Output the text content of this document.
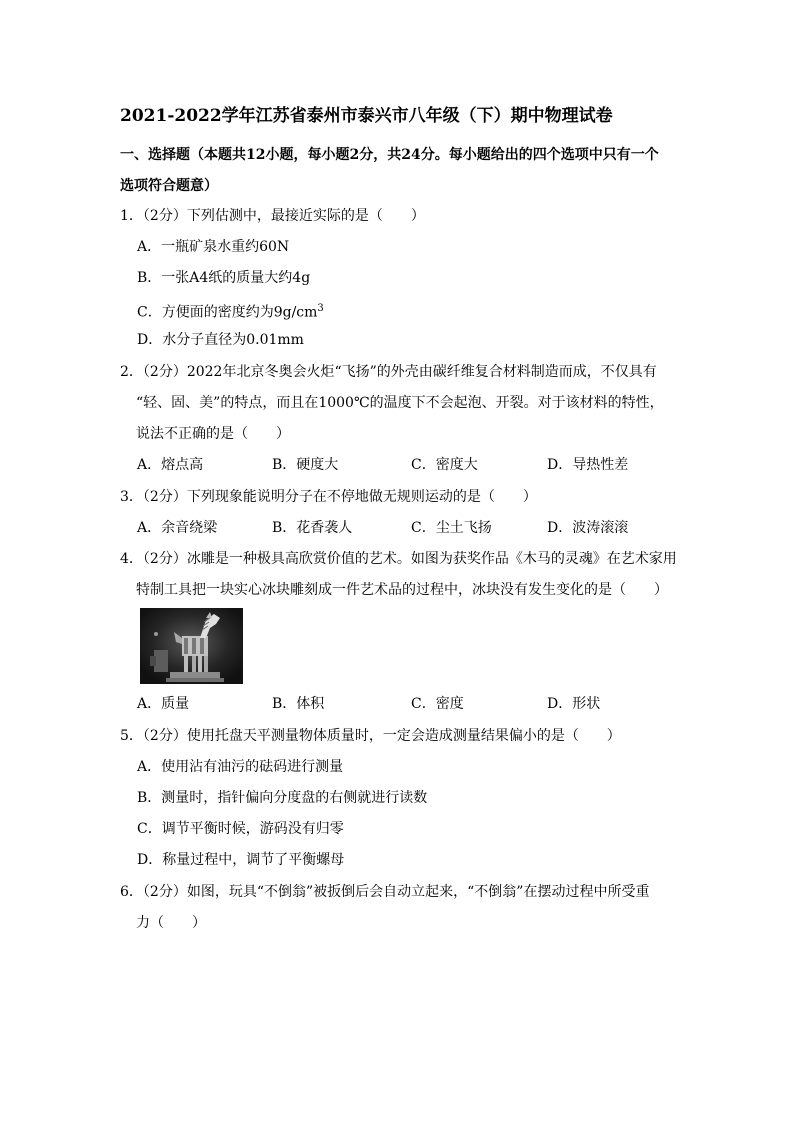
2021-2022学年江苏省泰州市泰兴市八年级（下）期中物理试卷
一、选择题（本题共12小题，每小题2分，共24分。每小题给出的四个选项中只有一个
选项符合题意）
1．（2分）下列估测中，最接近实际的是（　　）
A．一瓶矿泉水重约60N
B．一张A4纸的质量大约4g
C．方便面的密度约为$9g/cm^3$
D．水分子直径为0.01mm
2．（2分）2022年北京冬奥会火炬“飞扬”的外壳由碳纤维复合材料制造而成，不仅具有
“轻、固、美”的特点，而且在1000℃的温度下不会起泡、开裂。对于该材料的特性，
说法不正确的是（　　）
A．熔点高	B．硬度大	C．密度大	D．导热性差
3．（2分）下列现象能说明分子在不停地做无规则运动的是（　　）
A．余音绕梁	B．花香袭人	C．尘土飞扬	D．波涛滚滚
4．（2分）冰雕是一种极具高欣赏价值的艺术。如图为获奖作品《木马的灵魂》在艺术家用
特制工具把一块实心冰块雕刻成一件艺术品的过程中，冰块没有发生变化的是（　　）
A．质量	B．体积	C．密度	D．形状
5．（2分）使用托盘天平测量物体质量时，一定会造成测量结果偏小的是（　　）
A．使用沾有油污的砝码进行测量
B．测量时，指针偏向分度盘的右侧就进行读数
C．调节平衡时候，游码没有归零
D．称量过程中，调节了平衡螺母
6．（2分）如图，玩具“不倒翁”被扳倒后会自动立起来，“不倒翁”在摆动过程中所受重
力（　　）
